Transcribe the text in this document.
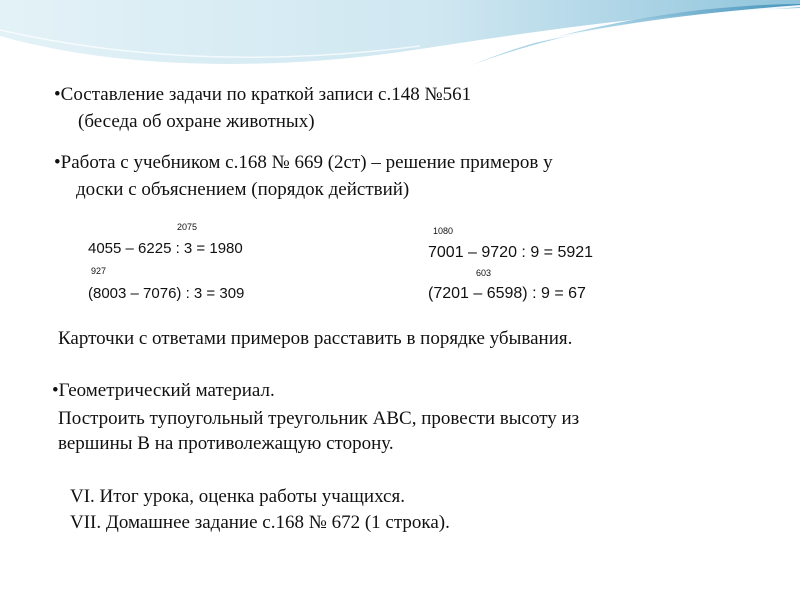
•Составление задачи по краткой записи с.148 №561
(беседа об охране животных)
•Работа с учебником с.168 № 669 (2ст) – решение примеров у
доски с объяснением (порядок действий)
2075
4055 – 6225 : 3 = 1980
927
(8003 – 7076) : 3 = 309
1080
7001 – 9720 : 9 = 5921
603
(7201 – 6598) : 9 = 67
Карточки с ответами примеров расставить в порядке убывания.
•Геометрический материал.
Построить тупоугольный треугольник АВС, провести высоту из
вершины В на противолежащую сторону.
VI. Итог урока, оценка работы учащихся.
VII. Домашнее задание с.168 № 672 (1 строка).
